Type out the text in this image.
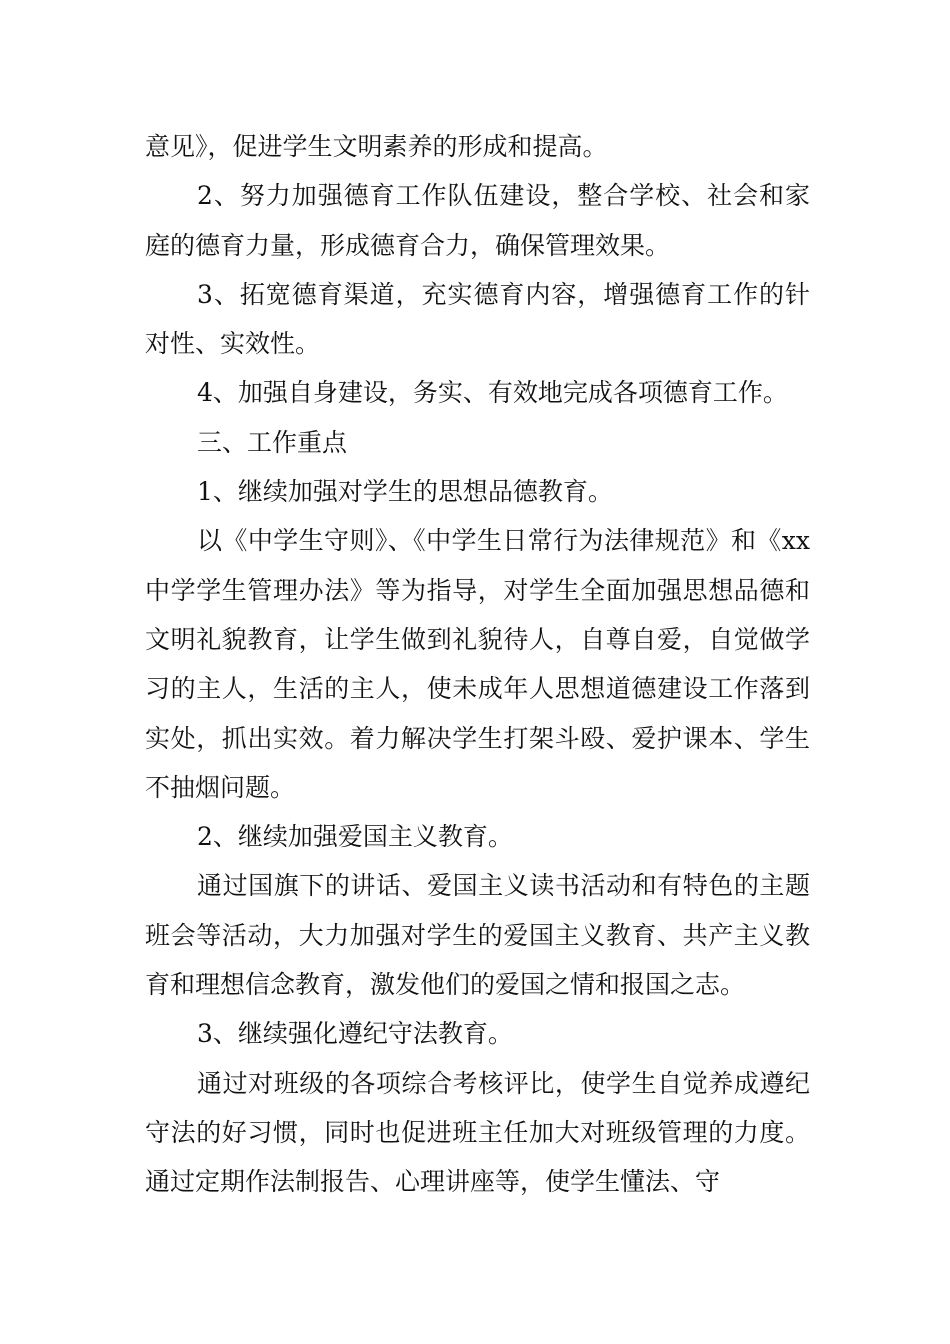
意见》，促进学生文明素养的形成和提高。

2、努力加强德育工作队伍建设，整合学校、社会和家庭的德育力量，形成德育合力，确保管理效果。

3、拓宽德育渠道，充实德育内容，增强德育工作的针对性、实效性。

4、加强自身建设，务实、有效地完成各项德育工作。

三、工作重点

1、继续加强对学生的思想品德教育。

以《中学生守则》、《中学生日常行为法律规范》和《xx中学学生管理办法》等为指导，对学生全面加强思想品德和文明礼貌教育，让学生做到礼貌待人，自尊自爱，自觉做学习的主人，生活的主人，使未成年人思想道德建设工作落到实处，抓出实效。着力解决学生打架斗殴、爱护课本、学生不抽烟问题。

2、继续加强爱国主义教育。

通过国旗下的讲话、爱国主义读书活动和有特色的主题班会等活动，大力加强对学生的爱国主义教育、共产主义教育和理想信念教育，激发他们的爱国之情和报国之志。

3、继续强化遵纪守法教育。

通过对班级的各项综合考核评比，使学生自觉养成遵纪守法的好习惯，同时也促进班主任加大对班级管理的力度。通过定期作法制报告、心理讲座等，使学生懂法、守
